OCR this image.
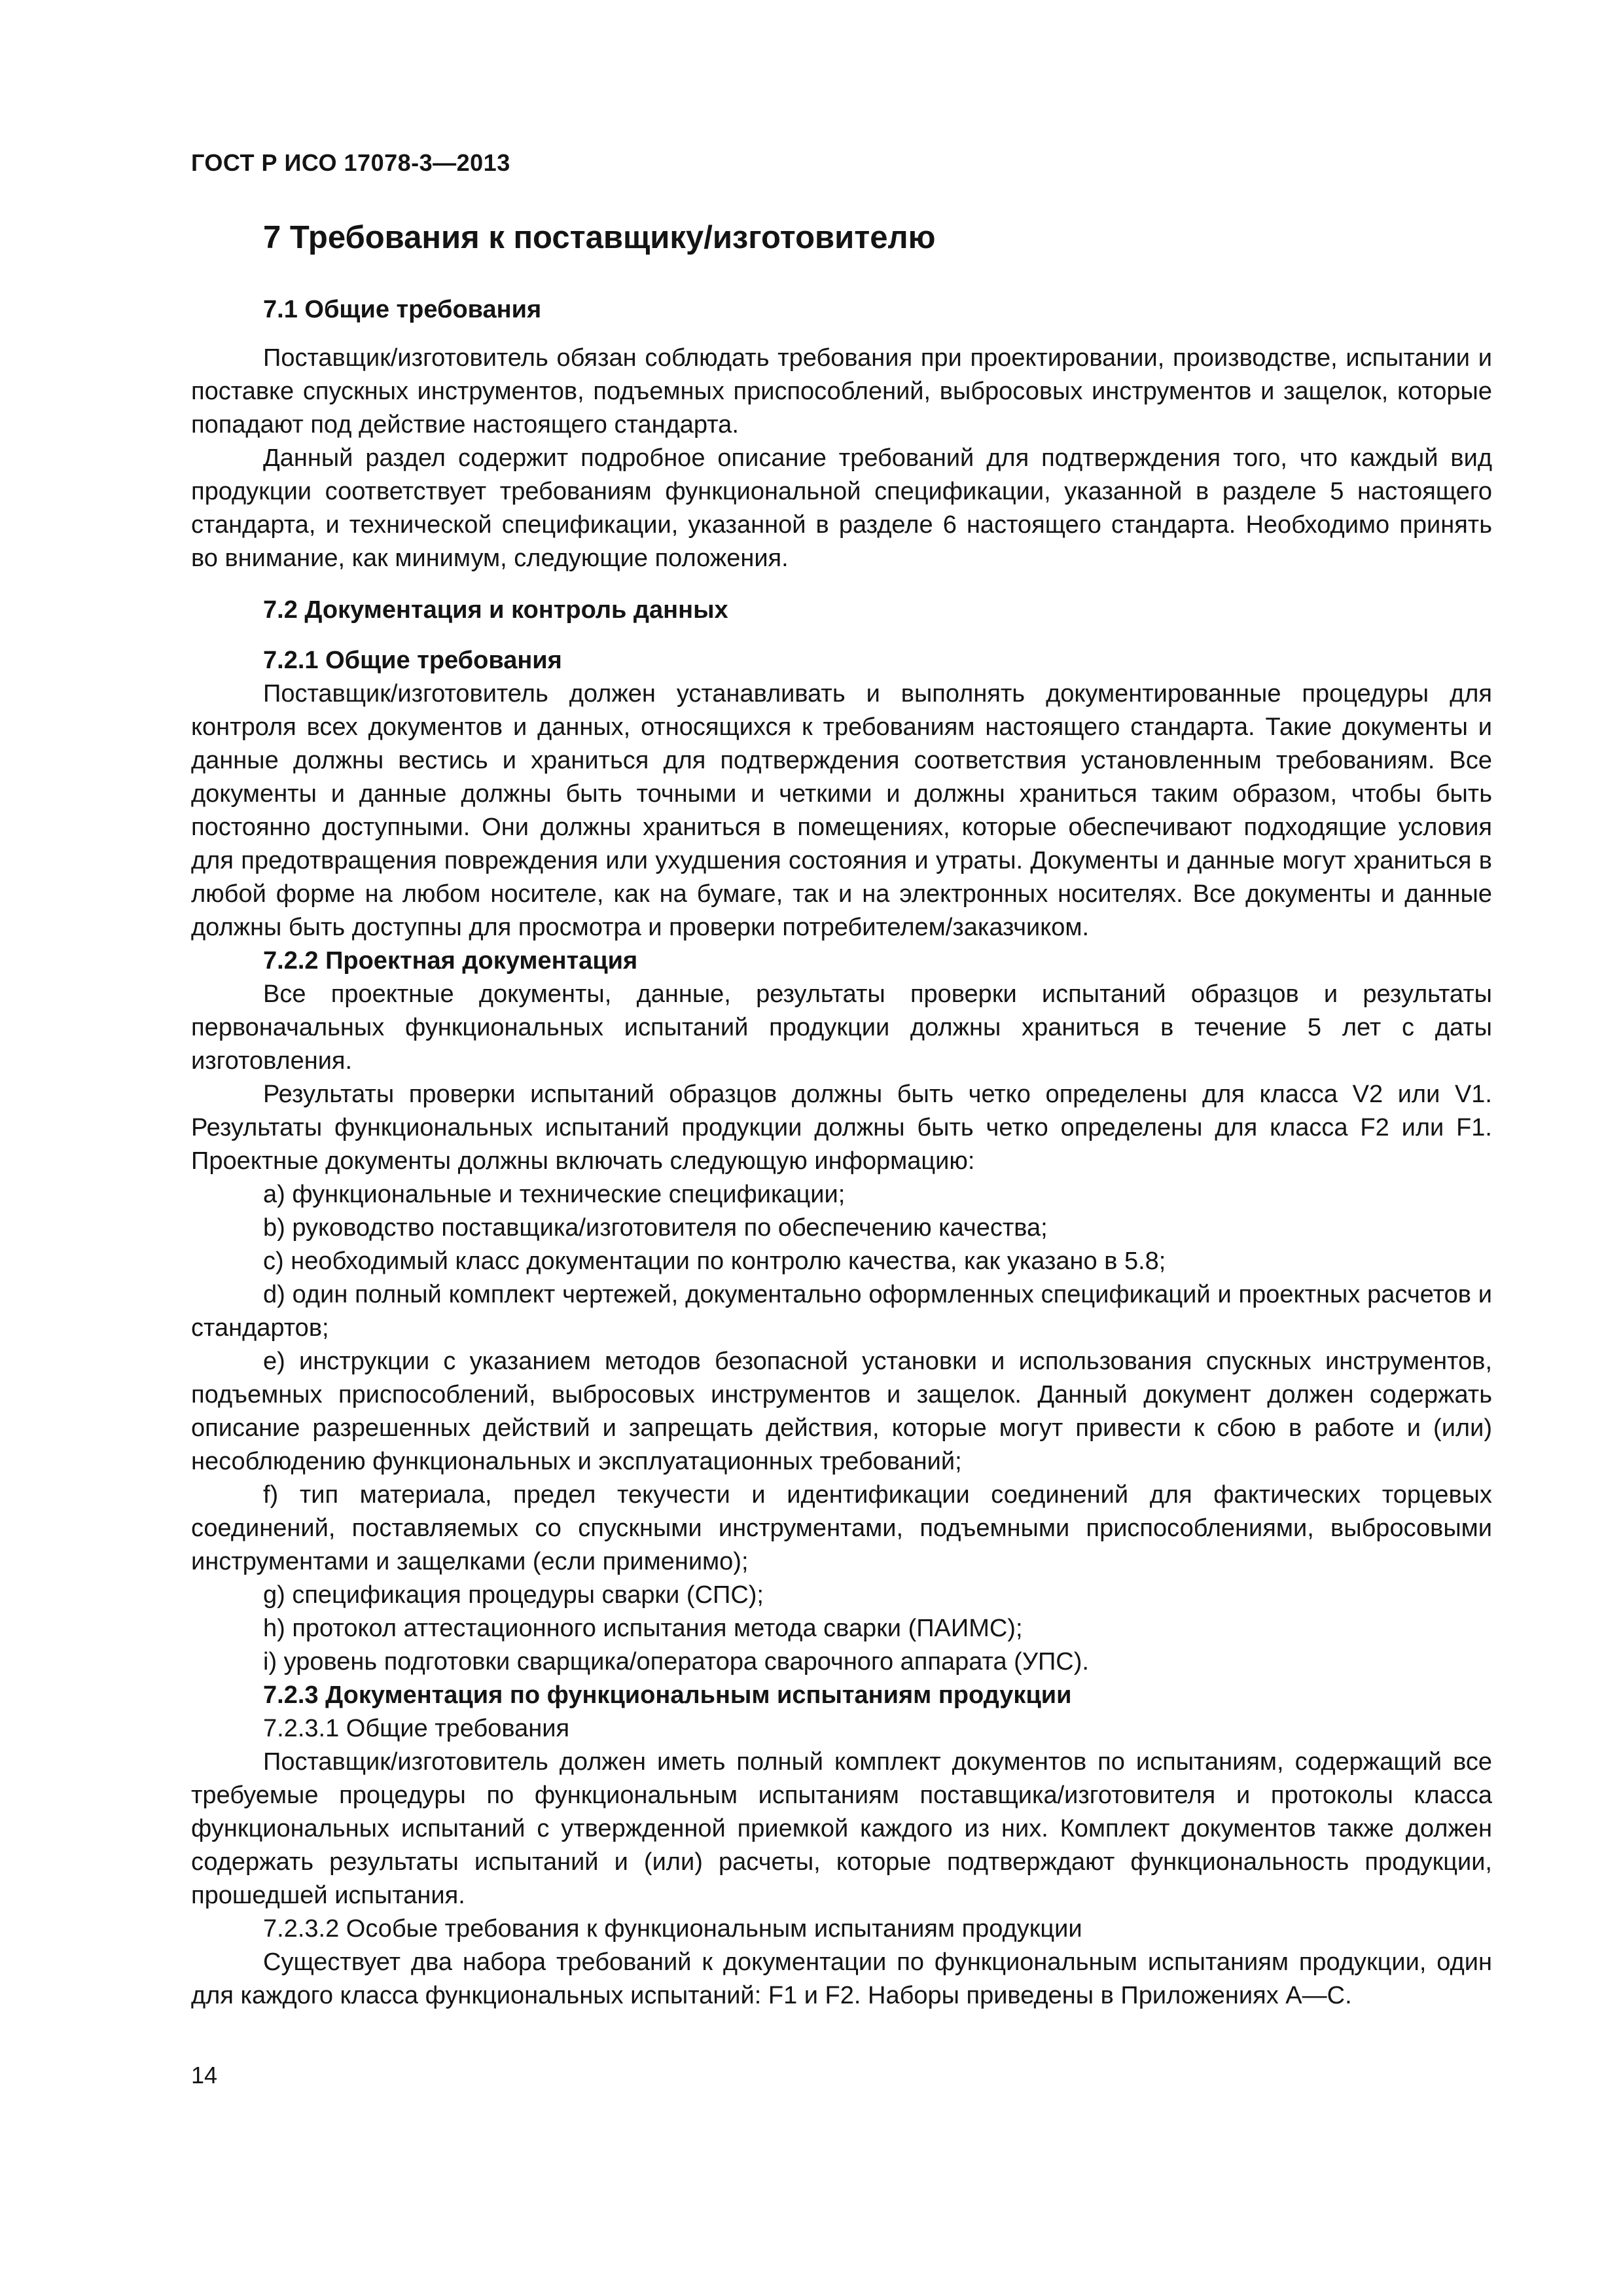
ГОСТ Р ИСО 17078-3—2013
7 Требования к поставщику/изготовителю
7.1 Общие требования

Поставщик/изготовитель обязан соблюдать требования при проектировании, производстве, испытании и поставке спускных инструментов, подъемных приспособлений, выбросовых инструментов и защелок, которые попадают под действие настоящего стандарта.

Данный раздел содержит подробное описание требований для подтверждения того, что каждый вид продукции соответствует требованиям функциональной спецификации, указанной в разделе 5 настоящего стандарта, и технической спецификации, указанной в разделе 6 настоящего стандарта. Необходимо принять во внимание, как минимум, следующие положения.

7.2 Документация и контроль данных
7.2.1 Общие требования

Поставщик/изготовитель должен устанавливать и выполнять документированные процедуры для контроля всех документов и данных, относящихся к требованиям настоящего стандарта. Такие документы и данные должны вестись и храниться для подтверждения соответствия установленным требованиям. Все документы и данные должны быть точными и четкими и должны храниться таким образом, чтобы быть постоянно доступными. Они должны храниться в помещениях, которые обеспечивают подходящие условия для предотвращения повреждения или ухудшения состояния и утраты. Документы и данные могут храниться в любой форме на любом носителе, как на бумаге, так и на электронных носителях. Все документы и данные должны быть доступны для просмотра и проверки потребителем/заказчиком.

7.2.2 Проектная документация

Все проектные документы, данные, результаты проверки испытаний образцов и результаты первоначальных функциональных испытаний продукции должны храниться в течение 5 лет с даты изготовления.

Результаты проверки испытаний образцов должны быть четко определены для класса V2 или V1. Результаты функциональных испытаний продукции должны быть четко определены для класса F2 или F1. Проектные документы должны включать следующую информацию:

a) функциональные и технические спецификации;

b) руководство поставщика/изготовителя по обеспечению качества;

c) необходимый класс документации по контролю качества, как указано в 5.8;

d) один полный комплект чертежей, документально оформленных спецификаций и проектных расчетов и стандартов;

e) инструкции с указанием методов безопасной установки и использования спускных инструментов, подъемных приспособлений, выбросовых инструментов и защелок. Данный документ должен содержать описание разрешенных действий и запрещать действия, которые могут привести к сбою в работе и (или) несоблюдению функциональных и эксплуатационных требований;

f) тип материала, предел текучести и идентификации соединений для фактических торцевых соединений, поставляемых со спускными инструментами, подъемными приспособлениями, выбросовыми инструментами и защелками (если применимо);

g) спецификация процедуры сварки (СПС);

h) протокол аттестационного испытания метода сварки (ПАИМС);

i) уровень подготовки сварщика/оператора сварочного аппарата (УПС).

7.2.3 Документация по функциональным испытаниям продукции

7.2.3.1 Общие требования

Поставщик/изготовитель должен иметь полный комплект документов по испытаниям, содержащий все требуемые процедуры по функциональным испытаниям поставщика/изготовителя и протоколы класса функциональных испытаний с утвержденной приемкой каждого из них. Комплект документов также должен содержать результаты испытаний и (или) расчеты, которые подтверждают функциональность продукции, прошедшей испытания.

7.2.3.2 Особые требования к функциональным испытаниям продукции

Существует два набора требований к документации по функциональным испытаниям продукции, один для каждого класса функциональных испытаний: F1 и F2. Наборы приведены в Приложениях А—С.

14
